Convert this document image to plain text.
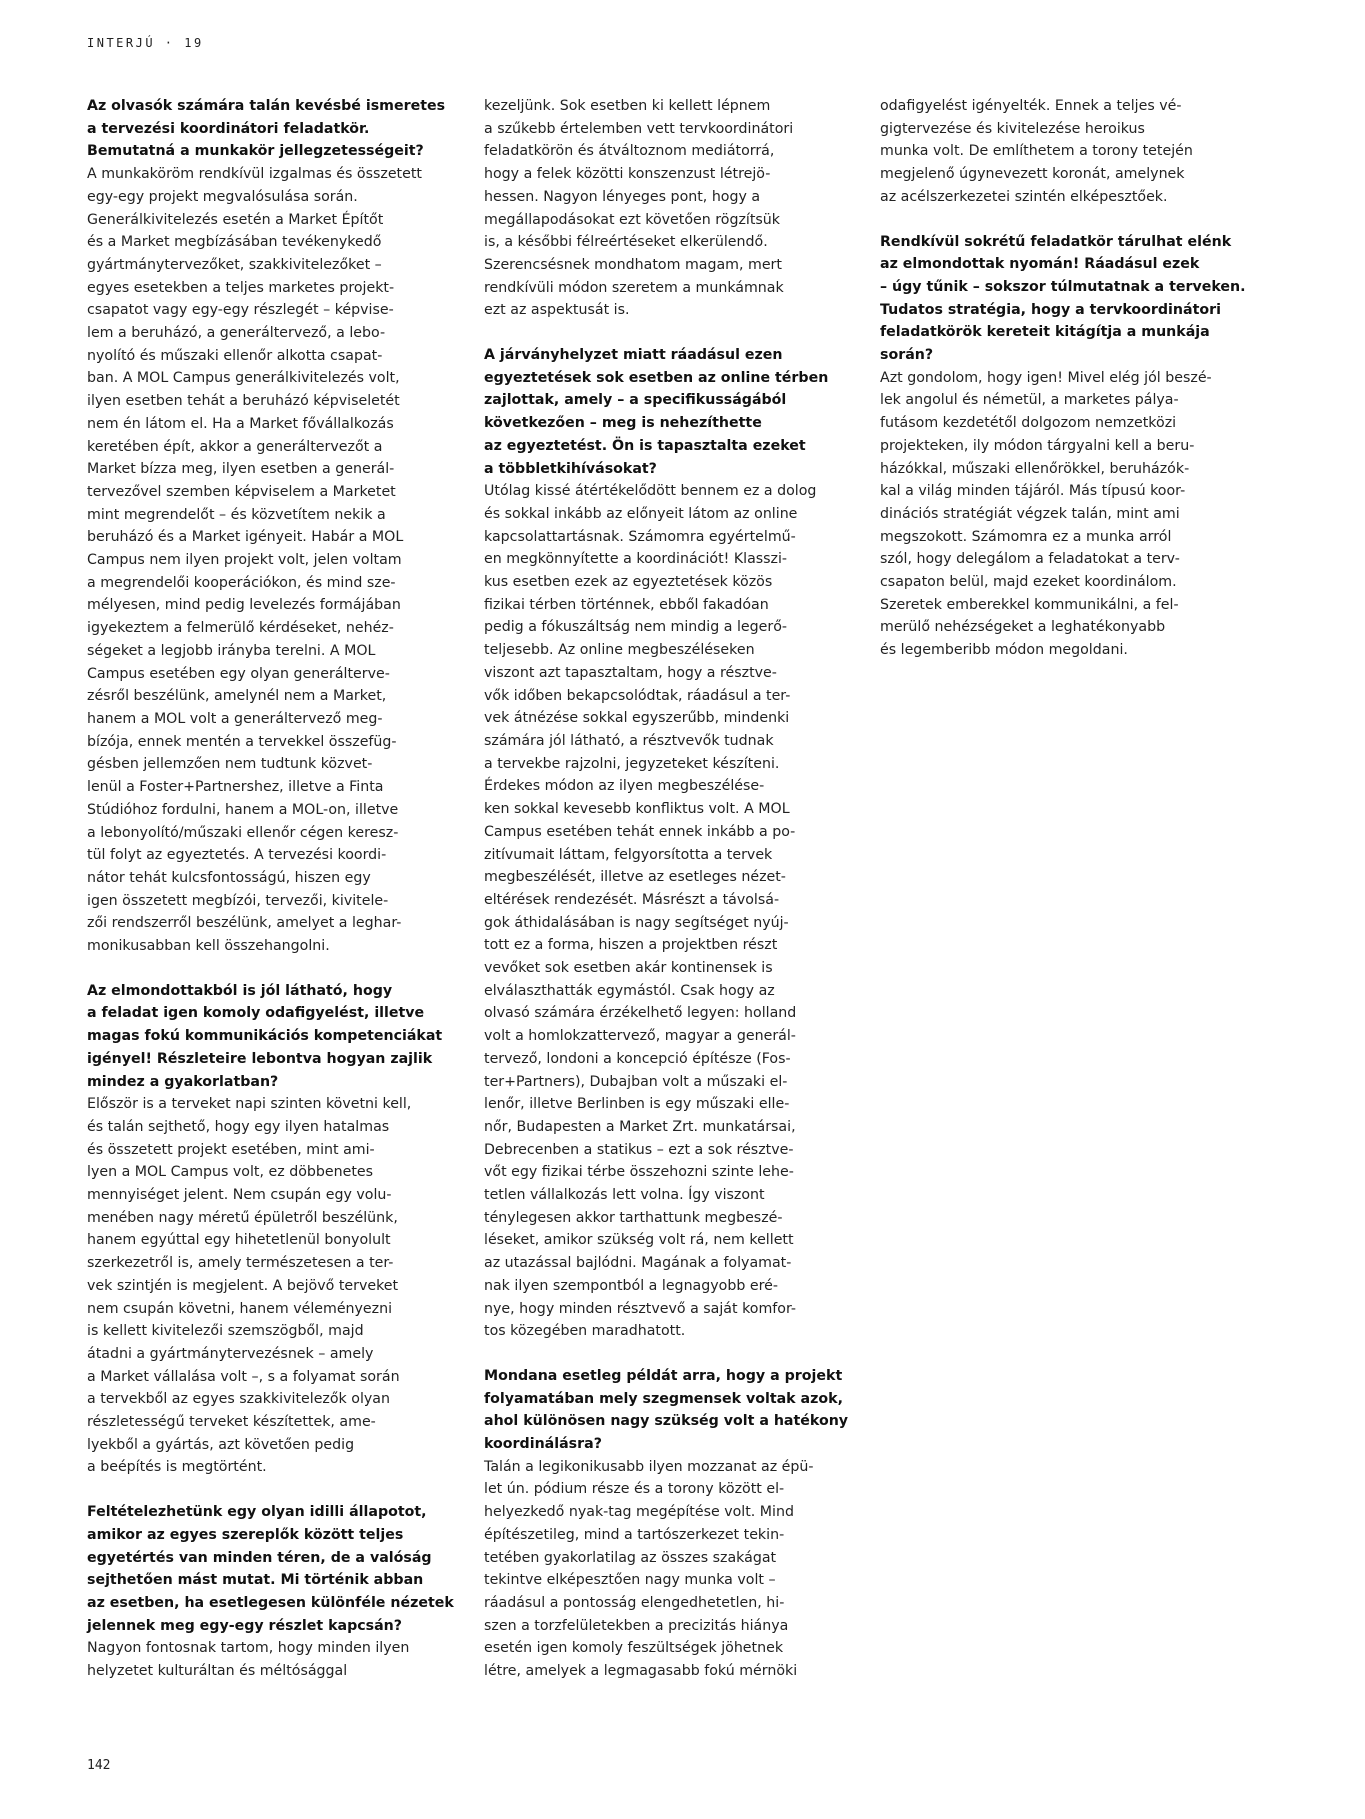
INTERJÚ · 19
Az olvasók számára talán kevésbé ismeretes
a tervezési koordinátori feladatkör.
Bemutatná a munkakör jellegzetességeit?
A munkaköröm rendkívül izgalmas és összetett
egy-egy projekt megvalósulása során.
Generálkivitelezés esetén a Market Építőt
és a Market megbízásában tevékenykedő
gyártmánytervezőket, szakkivitelezőket –
egyes esetekben a teljes marketes projekt-
csapatot vagy egy-egy részlegét – képvise-
lem a beruházó, a generáltervező, a lebo-
nyolító és műszaki ellenőr alkotta csapat-
ban. A MOL Campus generálkivitelezés volt,
ilyen esetben tehát a beruházó képviseletét
nem én látom el. Ha a Market fővállalkozás
keretében épít, akkor a generáltervezőt a
Market bízza meg, ilyen esetben a generál-
tervezővel szemben képviselem a Marketet
mint megrendelőt – és közvetítem nekik a
beruházó és a Market igényeit. Habár a MOL
Campus nem ilyen projekt volt, jelen voltam
a megrendelői kooperációkon, és mind sze-
mélyesen, mind pedig levelezés formájában
igyekeztem a felmerülő kérdéseket, nehéz-
ségeket a legjobb irányba terelni. A MOL
Campus esetében egy olyan generálterve-
zésről beszélünk, amelynél nem a Market,
hanem a MOL volt a generáltervező meg-
bízója, ennek mentén a tervekkel összefüg-
gésben jellemzően nem tudtunk közvet-
lenül a Foster+Partnershez, illetve a Finta
Stúdióhoz fordulni, hanem a MOL-on, illetve
a lebonyolító/műszaki ellenőr cégen keresz-
tül folyt az egyeztetés. A tervezési koordi-
nátor tehát kulcsfontosságú, hiszen egy
igen összetett megbízói, tervezői, kivitele-
zői rendszerről beszélünk, amelyet a leghar-
monikusabban kell összehangolni.
Az elmondottakból is jól látható, hogy
a feladat igen komoly odafigyelést, illetve
magas fokú kommunikációs kompetenciákat
igényel! Részleteire lebontva hogyan zajlik
mindez a gyakorlatban?
Először is a terveket napi szinten követni kell,
és talán sejthető, hogy egy ilyen hatalmas
és összetett projekt esetében, mint ami-
lyen a MOL Campus volt, ez döbbenetes
mennyiséget jelent. Nem csupán egy volu-
menében nagy méretű épületről beszélünk,
hanem egyúttal egy hihetetlenül bonyolult
szerkezetről is, amely természetesen a ter-
vek szintjén is megjelent. A bejövő terveket
nem csupán követni, hanem véleményezni
is kellett kivitelezői szemszögből, majd
átadni a gyártmánytervezésnek – amely
a Market vállalása volt –, s a folyamat során
a tervekből az egyes szakkivitelezők olyan
részletességű terveket készítettek, ame-
lyekből a gyártás, azt követően pedig
a beépítés is megtörtént.
Feltételezhetünk egy olyan idilli állapotot,
amikor az egyes szereplők között teljes
egyetértés van minden téren, de a valóság
sejthetően mást mutat. Mi történik abban
az esetben, ha esetlegesen különféle nézetek
jelennek meg egy-egy részlet kapcsán?
Nagyon fontosnak tartom, hogy minden ilyen
helyzetet kulturáltan és méltósággal
kezeljünk. Sok esetben ki kellett lépnem
a szűkebb értelemben vett tervkoordinátori
feladatkörön és átváltoznom mediátorrá,
hogy a felek közötti konszenzust létrejö-
hessen. Nagyon lényeges pont, hogy a
megállapodásokat ezt követően rögzítsük
is, a későbbi félreértéseket elkerülendő.
Szerencsésnek mondhatom magam, mert
rendkívüli módon szeretem a munkámnak
ezt az aspektusát is.
A járványhelyzet miatt ráadásul ezen
egyeztetések sok esetben az online térben
zajlottak, amely – a specifikusságából
következően – meg is nehezíthette
az egyeztetést. Ön is tapasztalta ezeket
a többletkihívásokat?
Utólag kissé átértékelődött bennem ez a dolog
és sokkal inkább az előnyeit látom az online
kapcsolattartásnak. Számomra egyértelmű-
en megkönnyítette a koordinációt! Klasszi-
kus esetben ezek az egyeztetések közös
fizikai térben történnek, ebből fakadóan
pedig a fókuszáltság nem mindig a legerő-
teljesebb. Az online megbeszéléseken
viszont azt tapasztaltam, hogy a résztve-
vők időben bekapcsolódtak, ráadásul a ter-
vek átnézése sokkal egyszerűbb, mindenki
számára jól látható, a résztvevők tudnak
a tervekbe rajzolni, jegyzeteket készíteni.
Érdekes módon az ilyen megbeszélése-
ken sokkal kevesebb konfliktus volt. A MOL
Campus esetében tehát ennek inkább a po-
zitívumait láttam, felgyorsította a tervek
megbeszélését, illetve az esetleges nézet-
eltérések rendezését. Másrészt a távolsá-
gok áthidalásában is nagy segítséget nyúj-
tott ez a forma, hiszen a projektben részt
vevőket sok esetben akár kontinensek is
elválaszthatták egymástól. Csak hogy az
olvasó számára érzékelhető legyen: holland
volt a homlokzattervező, magyar a generál-
tervező, londoni a koncepció építésze (Fos-
ter+Partners), Dubajban volt a műszaki el-
lenőr, illetve Berlinben is egy műszaki elle-
nőr, Budapesten a Market Zrt. munkatársai,
Debrecenben a statikus – ezt a sok résztve-
vőt egy fizikai térbe összehozni szinte lehe-
tetlen vállalkozás lett volna. Így viszont
ténylegesen akkor tarthattunk megbeszé-
léseket, amikor szükség volt rá, nem kellett
az utazással bajlódni. Magának a folyamat-
nak ilyen szempontból a legnagyobb eré-
nye, hogy minden résztvevő a saját komfor-
tos közegében maradhatott.
Mondana esetleg példát arra, hogy a projekt
folyamatában mely szegmensek voltak azok,
ahol különösen nagy szükség volt a hatékony
koordinálásra?
Talán a legikonikusabb ilyen mozzanat az épü-
let ún. pódium része és a torony között el-
helyezkedő nyak-tag megépítése volt. Mind
építészetileg, mind a tartószerkezet tekin-
tetében gyakorlatilag az összes szakágat
tekintve elképesztően nagy munka volt –
ráadásul a pontosság elengedhetetlen, hi-
szen a torzfelületekben a precizitás hiánya
esetén igen komoly feszültségek jöhetnek
létre, amelyek a legmagasabb fokú mérnöki
odafigyelést igényelték. Ennek a teljes vé-
gigtervezése és kivitelezése heroikus
munka volt. De említhetem a torony tetején
megjelenő úgynevezett koronát, amelynek
az acélszerkezetei szintén elképesztőek.
Rendkívül sokrétű feladatkör tárulhat elénk
az elmondottak nyomán! Ráadásul ezek
– úgy tűnik – sokszor túlmutatnak a terveken.
Tudatos stratégia, hogy a tervkoordinátori
feladatkörök kereteit kitágítja a munkája
során?
Azt gondolom, hogy igen! Mivel elég jól beszé-
lek angolul és németül, a marketes pálya-
futásom kezdetétől dolgozom nemzetközi
projekteken, ily módon tárgyalni kell a beru-
házókkal, műszaki ellenőrökkel, beruházók-
kal a világ minden tájáról. Más típusú koor-
dinációs stratégiát végzek talán, mint ami
megszokott. Számomra ez a munka arról
szól, hogy delegálom a feladatokat a terv-
csapaton belül, majd ezeket koordinálom.
Szeretek emberekkel kommunikálni, a fel-
merülő nehézségeket a leghatékonyabb
és legemberibb módon megoldani.
142
